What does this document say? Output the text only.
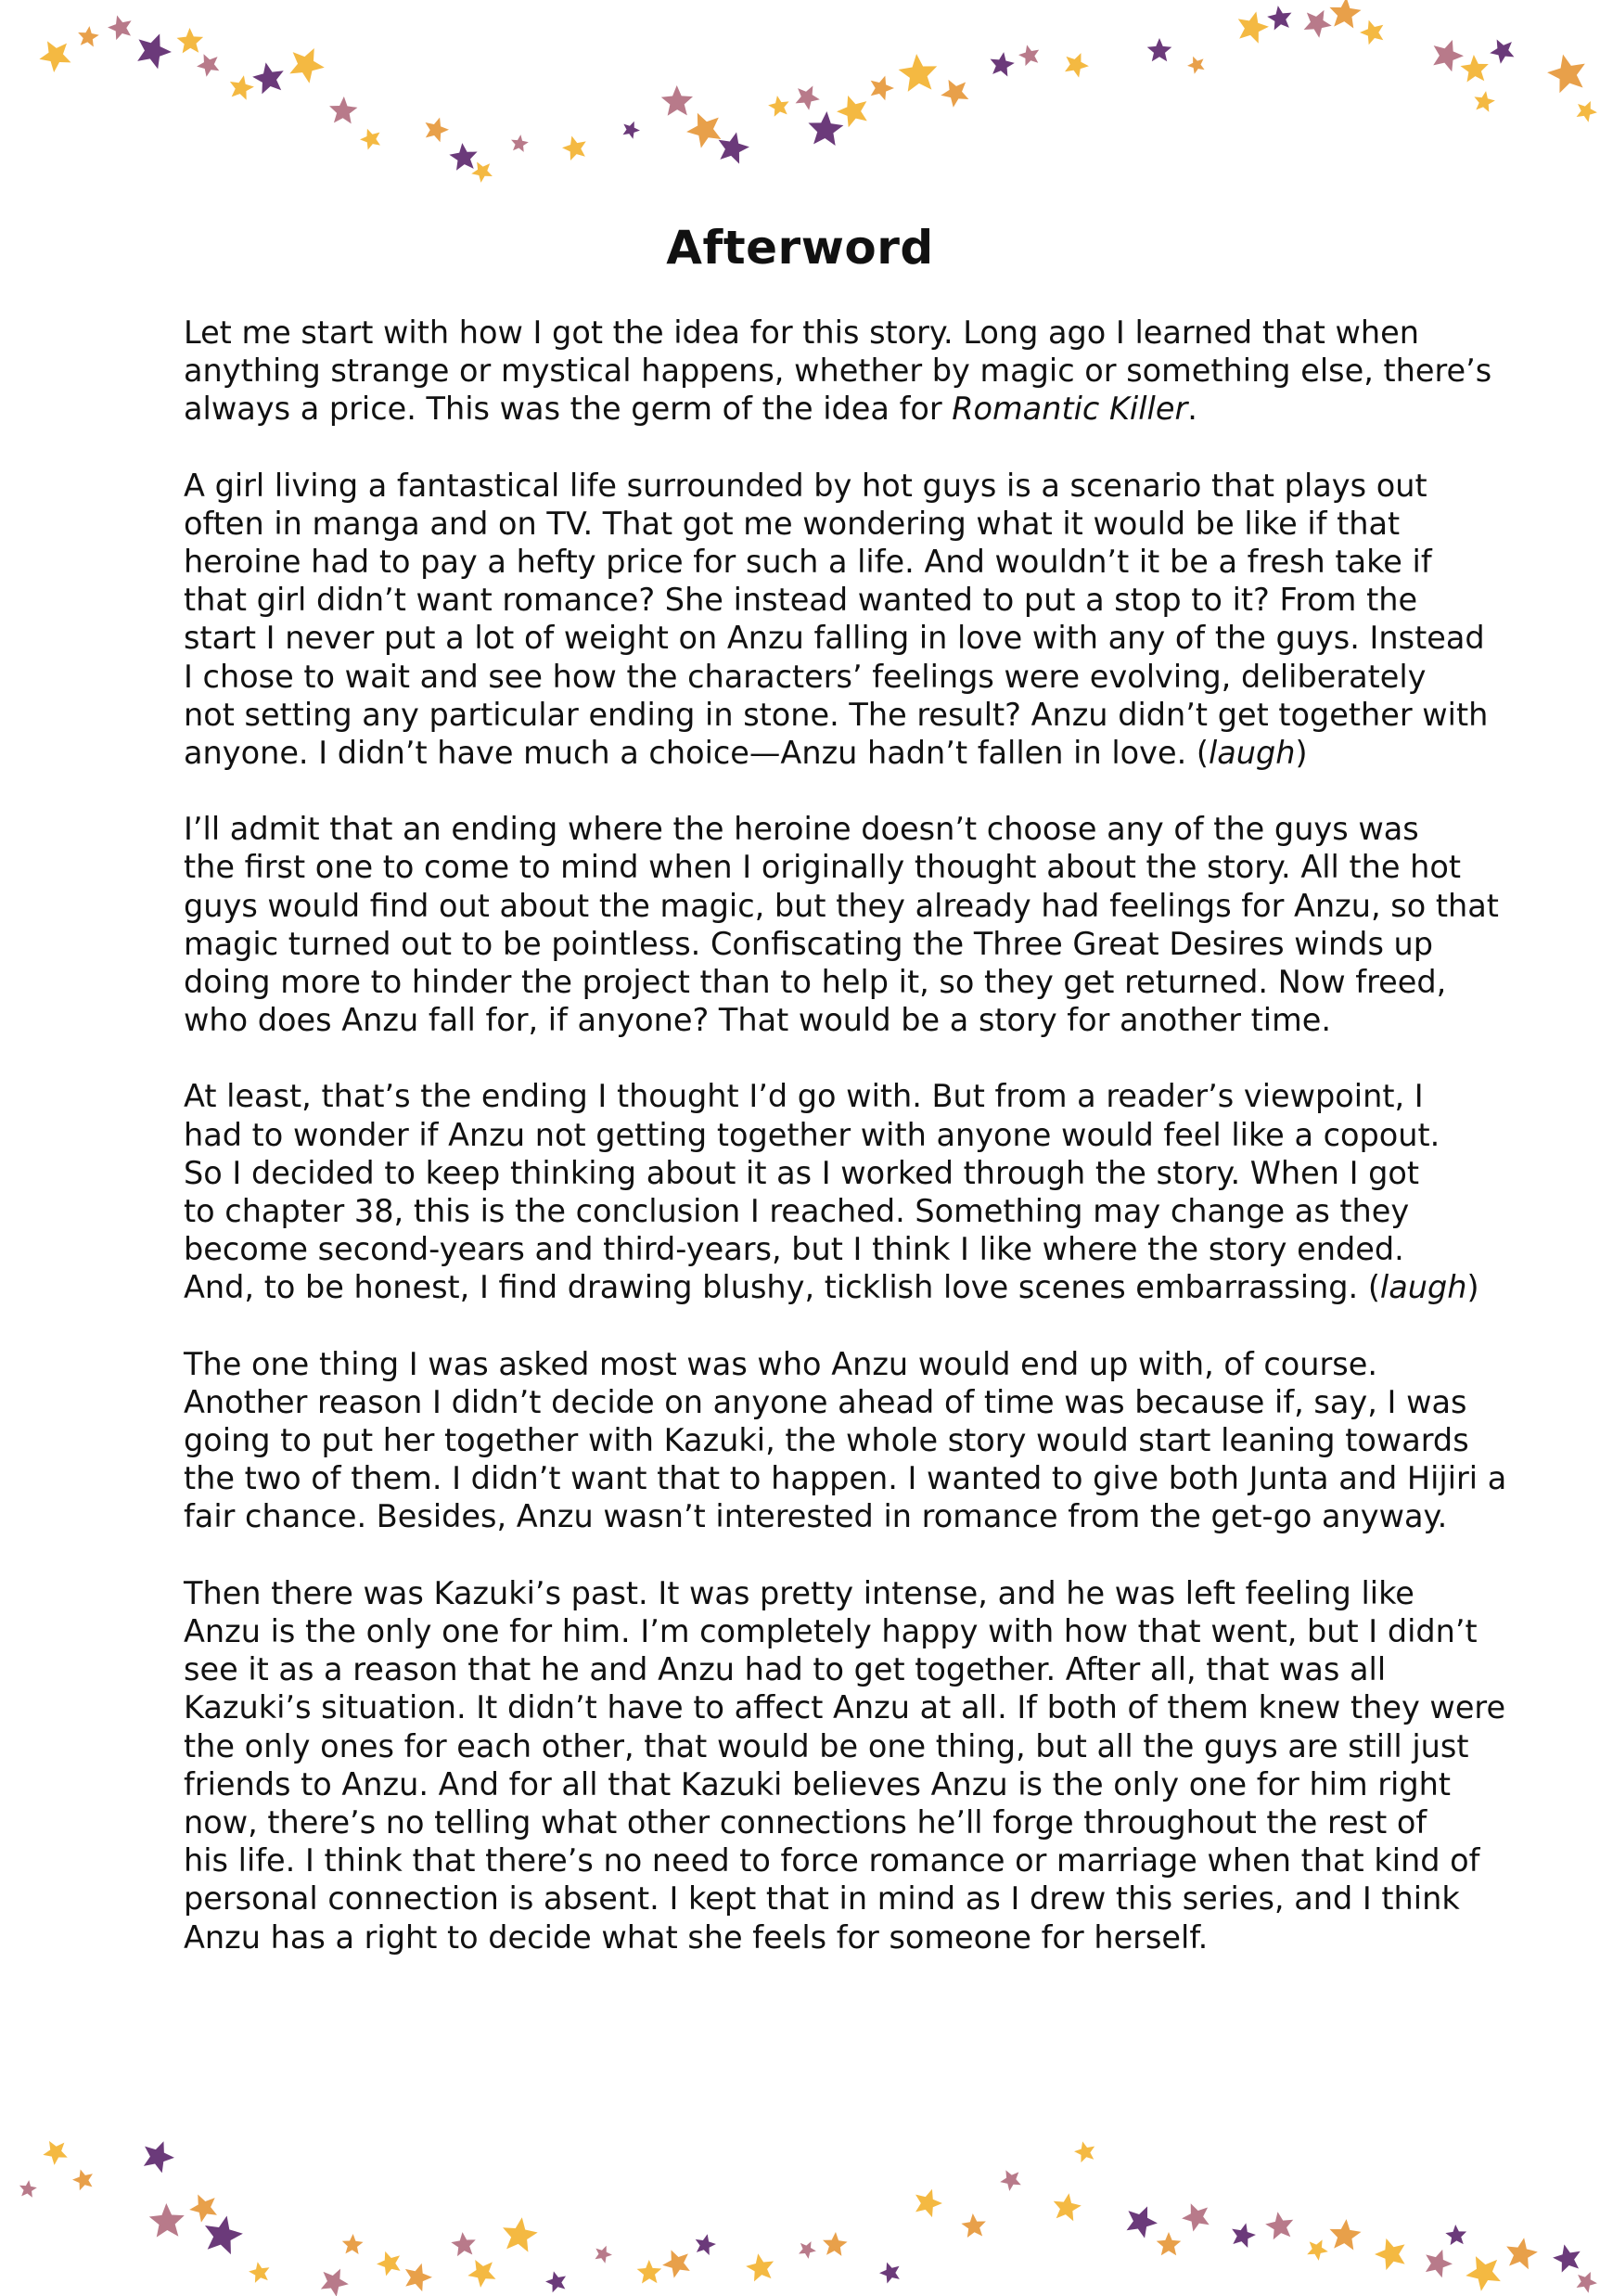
Afterword

Let me start with how I got the idea for this story. Long ago I learned that when
anything strange or mystical happens, whether by magic or something else, there’s
always a price. This was the germ of the idea for Romantic Killer.

A girl living a fantastical life surrounded by hot guys is a scenario that plays out
often in manga and on TV. That got me wondering what it would be like if that
heroine had to pay a hefty price for such a life. And wouldn’t it be a fresh take if
that girl didn’t want romance? She instead wanted to put a stop to it? From the
start I never put a lot of weight on Anzu falling in love with any of the guys. Instead
I chose to wait and see how the characters’ feelings were evolving, deliberately
not setting any particular ending in stone. The result? Anzu didn’t get together with
anyone. I didn’t have much a choice—Anzu hadn’t fallen in love. (laugh)

I’ll admit that an ending where the heroine doesn’t choose any of the guys was
the first one to come to mind when I originally thought about the story. All the hot
guys would find out about the magic, but they already had feelings for Anzu, so that
magic turned out to be pointless. Confiscating the Three Great Desires winds up
doing more to hinder the project than to help it, so they get returned. Now freed,
who does Anzu fall for, if anyone? That would be a story for another time.

At least, that’s the ending I thought I’d go with. But from a reader’s viewpoint, I
had to wonder if Anzu not getting together with anyone would feel like a copout.
So I decided to keep thinking about it as I worked through the story. When I got
to chapter 38, this is the conclusion I reached. Something may change as they
become second-years and third-years, but I think I like where the story ended.
And, to be honest, I find drawing blushy, ticklish love scenes embarrassing. (laugh)

The one thing I was asked most was who Anzu would end up with, of course.
Another reason I didn’t decide on anyone ahead of time was because if, say, I was
going to put her together with Kazuki, the whole story would start leaning towards
the two of them. I didn’t want that to happen. I wanted to give both Junta and Hijiri a
fair chance. Besides, Anzu wasn’t interested in romance from the get-go anyway.

Then there was Kazuki’s past. It was pretty intense, and he was left feeling like
Anzu is the only one for him. I’m completely happy with how that went, but I didn’t
see it as a reason that he and Anzu had to get together. After all, that was all
Kazuki’s situation. It didn’t have to affect Anzu at all. If both of them knew they were
the only ones for each other, that would be one thing, but all the guys are still just
friends to Anzu. And for all that Kazuki believes Anzu is the only one for him right
now, there’s no telling what other connections he’ll forge throughout the rest of
his life. I think that there’s no need to force romance or marriage when that kind of
personal connection is absent. I kept that in mind as I drew this series, and I think
Anzu has a right to decide what she feels for someone for herself.
